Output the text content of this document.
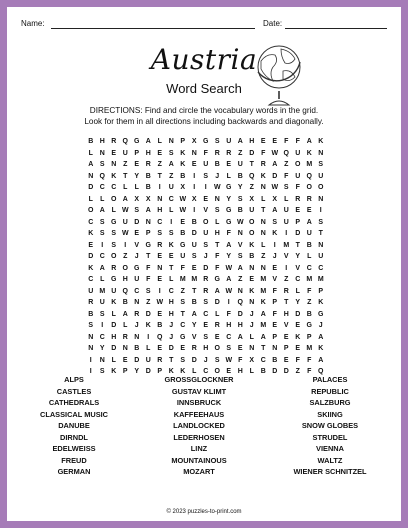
Name:	Date:
Austria
Word Search
DIRECTIONS: Find and circle the vocabulary words in the grid.
Look for them in all directions including backwards and diagonally.
B H R Q G A L N P X G S U A H E E	F	F A K
L N E U P H E S K N F R R Z D F W Q U K N
A S N Z	E R Z A K E U B E U T R A Z O M S
N Q K T	Y B T	Z B	I	S	J	L B Q K D F U Q U
D C C L	L B	I	U X	I	I	W G Y	Z N W S	F O O
L	L O A X X N C W X E N Y S X	L	X	L R R N
O A L W S A H L W	I	V S G B U T A U E E	I
C S G U D N C	I	E B O L G W O N S U P A S
K S S W E P S S B D U H F N O N K	I	D U T
E	I	S	I	V G R K G U S	T A V K L	I	M T B N
D C O Z	J	T	E E U S	J	F	Y S B Z	J	V Y	L U
K A R O G F N T	F	E D F W A N N E	I	V C C
C L G H U F	E	L M M R G A Z	E M V	Z C M M
U M U Q C S	I	C Z	T R A W N K M F R L	F	P
R U K B N Z W H S B S D	I	Q N K P	T	Y	Z K
B S	L A R D E H T A C L	F D	J	A F H D B G
S	I	D L	J	K B	J	C Y E R H H	J M E V E G J
N C H R N	I	Q J G V S E C A L A P E K P A
N Y D N B L	E D E R H O S E N T N P E M K
I	N L	E D U R T	S D	J	S W F	X C B E	F	F A
I	S K P Y D P K K L C O E H L B D D Z	F Q
ALPS
CASTLES
CATHEDRALS
CLASSICAL MUSIC
DANUBE
DIRNDL
EDELWEISS
FREUD
GERMAN
GROSSGLOCKNER
GUSTAV KLIMT
INNSBRUCK
KAFFEEHAUS
LANDLOCKED
LEDERHOSEN
LINZ
MOUNTAINOUS
MOZART
PALACES
REPUBLIC
SALZBURG
SKIING
SNOW GLOBES
STRUDEL
VIENNA
WALTZ
WIENER SCHNITZEL
© 2023 puzzles-to-print.com
